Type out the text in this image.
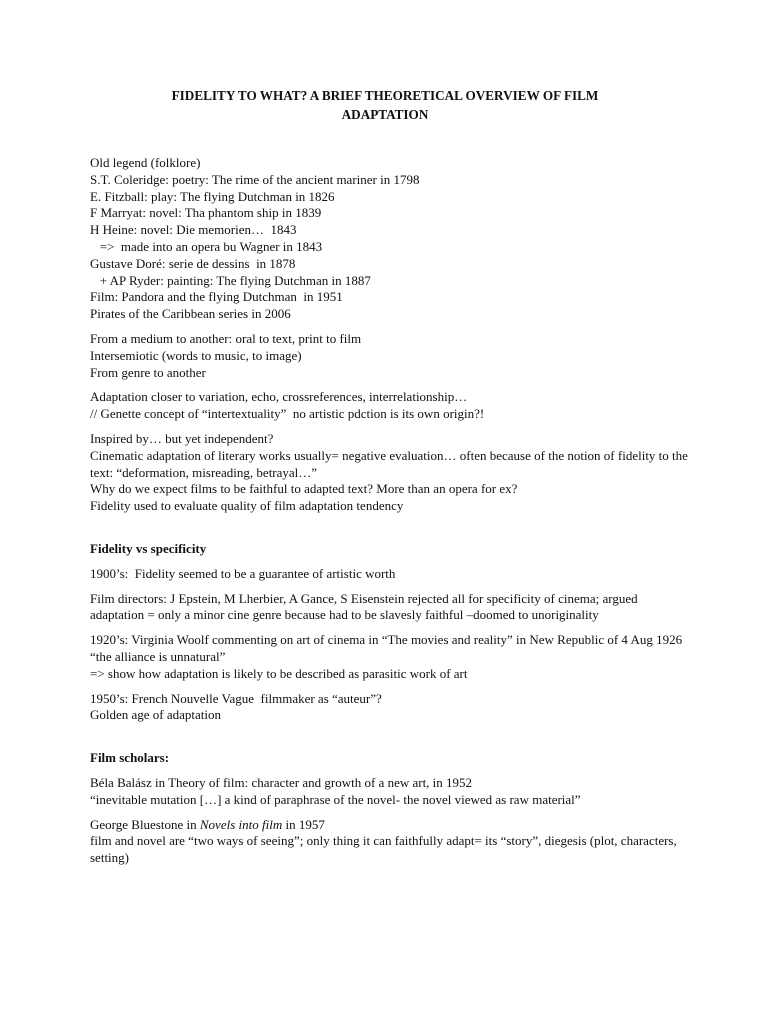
FIDELITY TO WHAT? A BRIEF THEORETICAL OVERVIEW OF FILM
ADAPTATION
Old legend (folklore)
S.T. Coleridge: poetry: The rime of the ancient mariner in 1798
E. Fitzball: play: The flying Dutchman in 1826
F Marryat: novel: Tha phantom ship in 1839
H Heine: novel: Die memorien…  1843
=>  made into an opera bu Wagner in 1843
Gustave Doré: serie de dessins  in 1878
+ AP Ryder: painting: The flying Dutchman in 1887
Film: Pandora and the flying Dutchman  in 1951
Pirates of the Caribbean series in 2006
From a medium to another: oral to text, print to film
Intersemiotic (words to music, to image)
From genre to another
Adaptation closer to variation, echo, crossreferences, interrelationship…
// Genette concept of “intertextuality”  no artistic pdction is its own origin?!
Inspired by… but yet independent?
Cinematic adaptation of literary works usually= negative evaluation… often because of the notion of fidelity to the text: “deformation, misreading, betrayal…”
Why do we expect films to be faithful to adapted text? More than an opera for ex?
Fidelity used to evaluate quality of film adaptation tendency
Fidelity vs specificity
1900’s:  Fidelity seemed to be a guarantee of artistic worth
Film directors: J Epstein, M Lherbier, A Gance, S Eisenstein rejected all for specificity of cinema; argued adaptation = only a minor cine genre because had to be slavesly faithful –doomed to unoriginality
1920’s: Virginia Woolf commenting on art of cinema in “The movies and reality” in New Republic of 4 Aug 1926 “the alliance is unnatural”
=> show how adaptation is likely to be described as parasitic work of art
1950’s: French Nouvelle Vague  filmmaker as “auteur”?
Golden age of adaptation
Film scholars:
Béla Balász in Theory of film: character and growth of a new art, in 1952
“inevitable mutation […] a kind of paraphrase of the novel- the novel viewed as raw material”
George Bluestone in Novels into film in 1957
film and novel are “two ways of seeing”; only thing it can faithfully adapt= its “story”, diegesis (plot, characters, setting)
